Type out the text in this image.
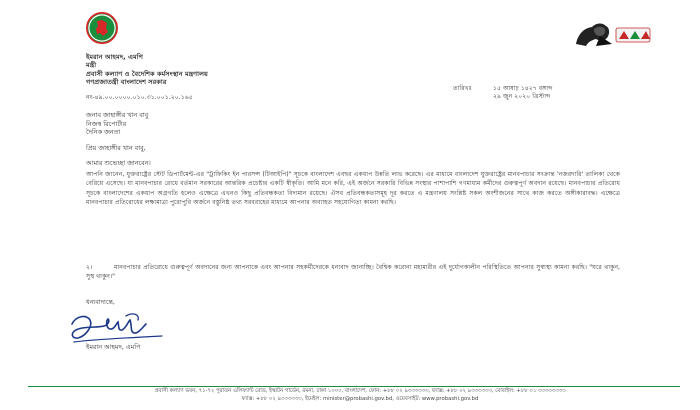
ইমরান আহমদ, এমপি
মন্ত্রী
প্রবাসী কল্যাণ ও বৈদেশিক কর্মসংস্থান মন্ত্রণালয়
গণপ্রজাতন্ত্রী বাংলাদেশ সরকার
নং-৪৯.০০.০০০০.০১০.৩১.০০১.২০.১৬৫
তারিখঃ	১৫ আষাঢ় ১৪২৭ বঙ্গাব্দ
২৯ জুন ২০২০ খ্রিস্টাব্দ
জনাব জাহাঙ্গীর খান বাবু
নিজস্ব রিপোর্টার
দৈনিক জনতা
প্রিয় জাহাঙ্গীর খান বাবু,
আমার শুভেচ্ছা জানবেন।
আপনি জানেন, যুক্তরাষ্ট্রের স্টেট ডিপার্টমেন্ট-এর "ট্রাফিকিং ইন পারসন্স (টিআইপি)" সূচকে বাংলাদেশ এবছর একধাপ উন্নতি লাভ করেছে। এর মাধ্যমে বাংলাদেশ যুক্তরাষ্ট্রের মানবপাচার সংক্রান্ত 'নজরদারি' তালিকা থেকে বেরিয়ে এসেছে। যা মানবপাচার রোধে বর্তমান সরকারের আন্তরিক প্রচেষ্টার একটি স্বীকৃতি। আমি মনে করি, এই অর্জনে সরকারি বিভিন্ন সংস্থার পাশাপাশি গণমাধ্যম কর্মীদের গুরুত্বপূর্ণ অবদান রয়েছে। মানবপাচার প্রতিরোধ সূচকে বাংলাদেশের একধাপ অগ্রগতি হলেও এক্ষেত্রে এখনও কিছু প্রতিবন্ধকতা বিদ্যমান রয়েছে। ঐসব প্রতিবন্ধকতাসমূহ দূর করতে এ মন্ত্রণালয় সংশ্লিষ্ট সকল অংশীজনের সাথে কাজ করতে অঙ্গীকারাবদ্ধ। এক্ষেত্রে মানবপাচার প্রতিরোধের লক্ষ্যমাত্রা পুরোপুরি অর্জনে বস্তুনিষ্ঠ তথ্য সরবরাহের মাধ্যমে আপনার অব্যাহত সহযোগিতা কামনা করছি।
২।	মানবপাচার প্রতিরোধে গুরুত্বপূর্ণ অবদানের জন্য আপনাকে এবং আপনার সহকর্মীদেরকে ধন্যবাদ জানাচ্ছি। বৈশ্বিক করোনা মহামারীর এই দুর্যোগকালীন পরিস্থিতিতে আপনার সুস্বাস্থ্য কামনা করছি। "ঘরে থাকুন, সুস্থ থাকুন।"
ধন্যবাদান্তে,
ইমরান আহমদ, এমপি
প্রবাসী কল্যাণ ভবন, ৭১-৭২ পুরাতন এলিফ্যান্ট রোড, ইস্কাটন গার্ডেন, রমনা, ঢাকা ১০০০, বাংলাদেশ, ফোন: +৮৮ ০২ ৯৩৩৩৩৩৩, ফ্যাক্স: +৮৮ ০২ ৯৩৩৩৩৩৩, মোবাইল: +৮৮ ০১ ৩৩৩৩৩৩৩৩
ফ্যাক্স: +৮৮ ০২ ৯৩৩৩৩৩৩, ইমেইল: minister@probashi.gov.bd, ওয়েবসাইট: www.probashi.gov.bd
